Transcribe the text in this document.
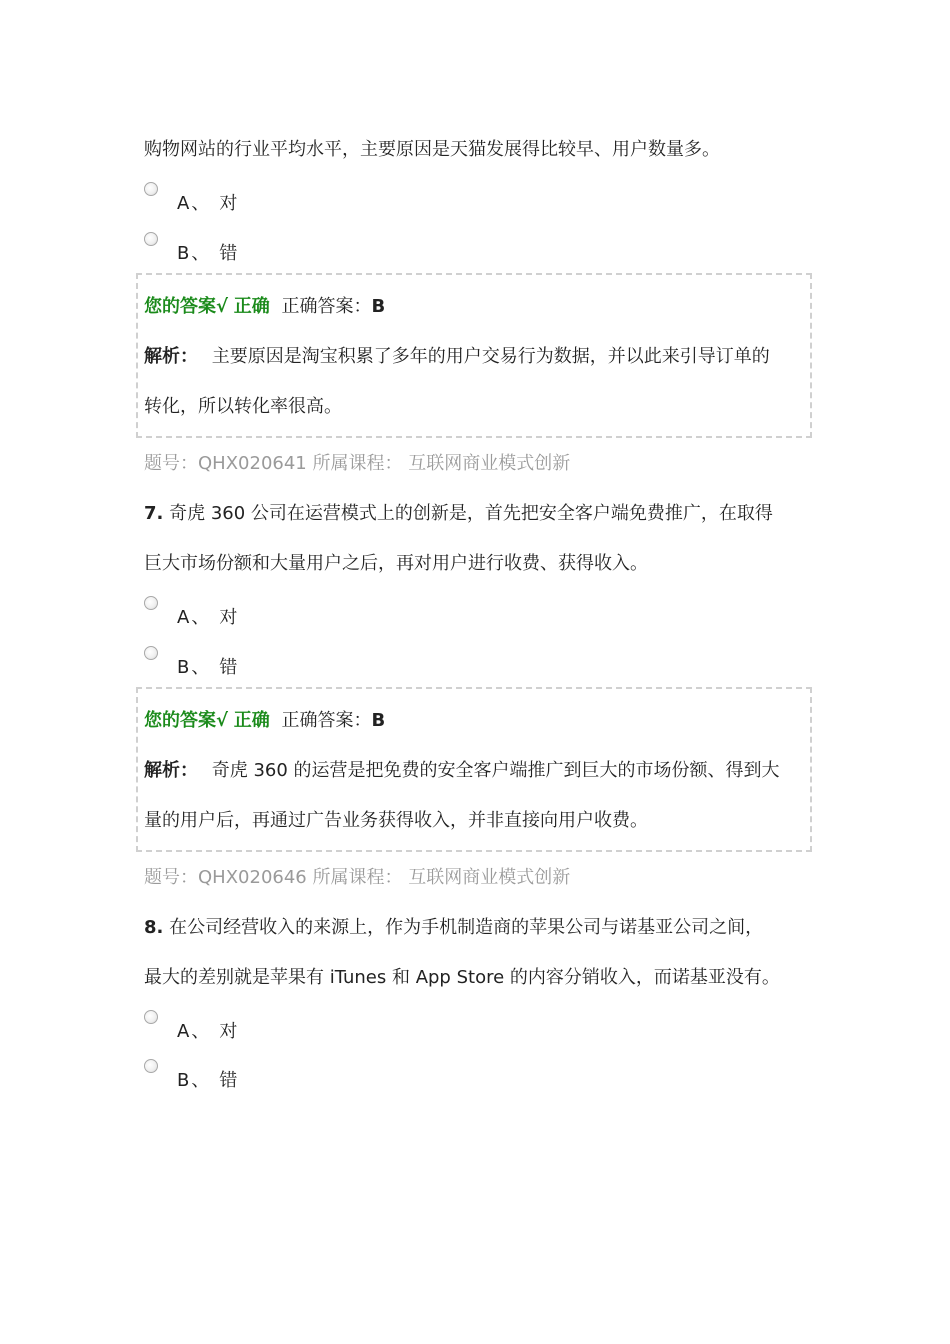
购物网站的行业平均水平，主要原因是天猫发展得比较早、用户数量多。
A 、 对
B 、 错
您的答案√ 正确 正确答案：B
解析： 主要原因是淘宝积累了多年的用户交易行为数据，并以此来引导订单的
转化，所以转化率很高。
题号：QHX020641 所属课程： 互联网商业模式创新
7. 奇虎 360 公司在运营模式上的创新是，首先把安全客户端免费推广，在取得
巨大市场份额和大量用户之后，再对用户进行收费、获得收入。
A 、 对
B 、 错
您的答案√ 正确 正确答案：B
解析： 奇虎 360 的运营是把免费的安全客户端推广到巨大的市场份额、得到大
量的用户后，再通过广告业务获得收入，并非直接向用户收费。
题号：QHX020646 所属课程： 互联网商业模式创新
8. 在公司经营收入的来源上，作为手机制造商的苹果公司与诺基亚公司之间，
最大的差别就是苹果有 iTunes 和 App Store 的内容分销收入，而诺基亚没有。
A 、 对
B 、 错
